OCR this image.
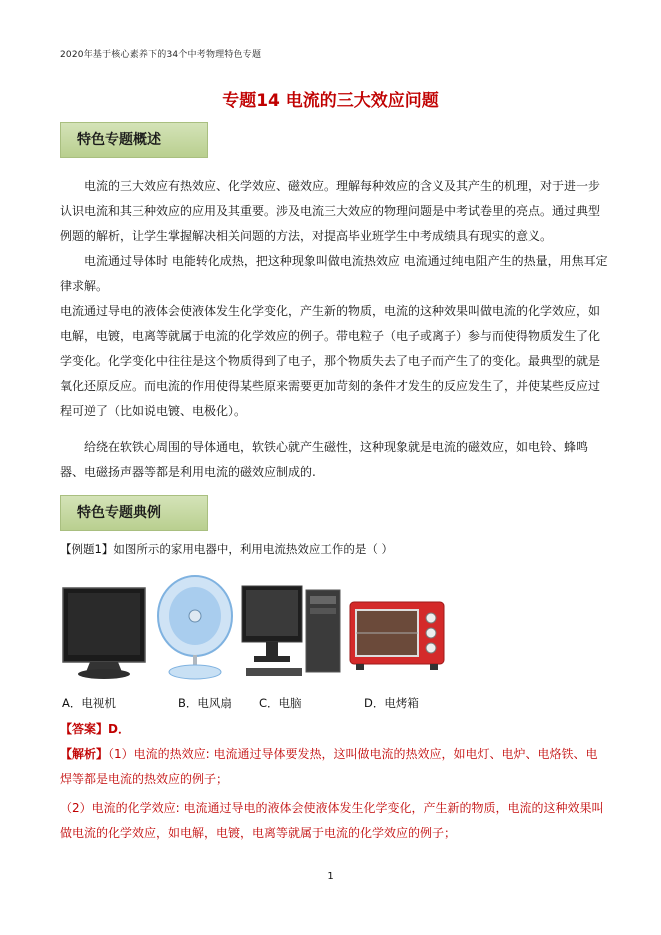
2020年基于核心素养下的34个中考物理特色专题
专题14 电流的三大效应问题
特色专题概述

电流的三大效应有热效应、化学效应、磁效应。理解每种效应的含义及其产生的机理，对于进一步认识电流和其三种效应的应用及其重要。涉及电流三大效应的物理问题是中考试卷里的亮点。通过典型例题的解析，让学生掌握解决相关问题的方法，对提高毕业班学生中考成绩具有现实的意义。

电流通过导体时 电能转化成热，把这种现象叫做电流热效应 电流通过纯电阻产生的热量，用焦耳定律求解。

电流通过导电的液体会使液体发生化学变化，产生新的物质，电流的这种效果叫做电流的化学效应，如电解，电镀，电离等就属于电流的化学效应的例子。带电粒子（电子或离子）参与而使得物质发生了化学变化。化学变化中往往是这个物质得到了电子，那个物质失去了电子而产生了的变化。最典型的就是氧化还原反应。而电流的作用使得某些原来需要更加苛刻的条件才发生的反应发生了，并使某些反应过程可逆了（比如说电镀、电极化）。

给绕在软铁心周围的导体通电，软铁心就产生磁性，这种现象就是电流的磁效应，如电铃、蜂鸣器、电磁扬声器等都是利用电流的磁效应制成的.

特色专题典例
【例题1】如图所示的家用电器中，利用电流热效应工作的是（ ）
A．电视机	B．电风扇 C．电脑	D．电烤箱
【答案】D．
【解析】（1）电流的热效应: 电流通过导体要发热，这叫做电流的热效应，如电灯、电炉、电烙铁、电焊等都是电流的热效应的例子；
（2）电流的化学效应: 电流通过导电的液体会使液体发生化学变化，产生新的物质，电流的这种效果叫做电流的化学效应，如电解，电镀，电离等就属于电流的化学效应的例子；
1
